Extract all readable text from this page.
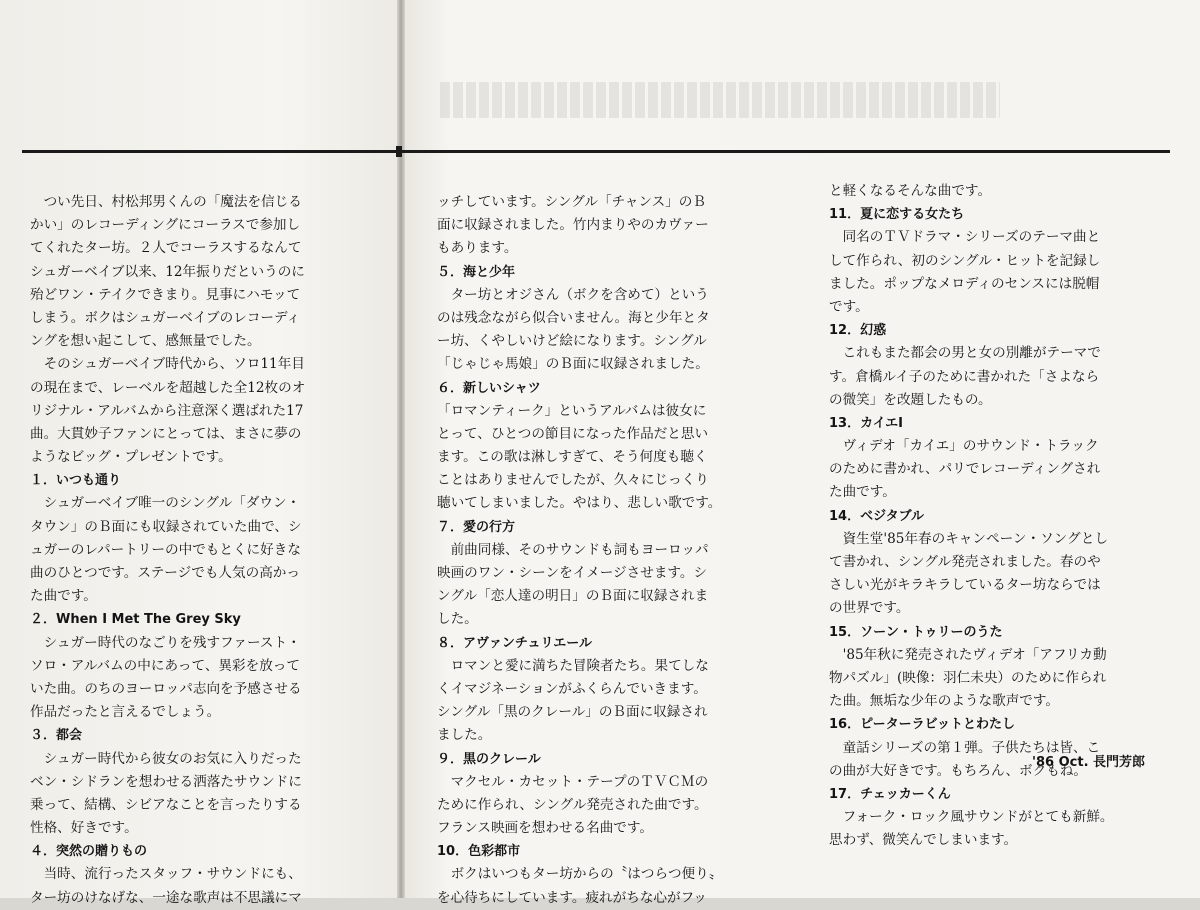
　つい先日、村松邦男くんの「魔法を信じる
かい」のレコーディングにコーラスで参加し
てくれたター坊。２人でコーラスするなんて
シュガーベイブ以来、12年振りだというのに
殆どワン・テイクできまり。見事にハモッて
しまう。ボクはシュガーベイブのレコーディ
ングを想い起こして、感無量でした。
　そのシュガーベイブ時代から、ソロ11年目
の現在まで、レーベルを超越した全12枚のオ
リジナル・アルバムから注意深く選ばれた17
曲。大貫妙子ファンにとっては、まさに夢の
ようなビッグ・プレゼントです。
１．いつも通り
　シュガーベイブ唯一のシングル「ダウン・
タウン」のＢ面にも収録されていた曲で、シ
ュガーのレパートリーの中でもとくに好きな
曲のひとつです。ステージでも人気の高かっ
た曲です。
２．When I Met The Grey Sky
　シュガー時代のなごりを残すファースト・
ソロ・アルバムの中にあって、異彩を放って
いた曲。のちのヨーロッパ志向を予感させる
作品だったと言えるでしょう。
３．都会
　シュガー時代から彼女のお気に入りだった
ベン・シドランを想わせる洒落たサウンドに
乗って、結構、シビアなことを言ったりする
性格、好きです。
４．突然の贈りもの
　当時、流行ったスタッフ・サウンドにも、
ター坊のけなげな、一途な歌声は不思議にマ
ッチしています。シングル「チャンス」のＢ
面に収録されました。竹内まりやのカヴァー
もあります。
５．海と少年
　ター坊とオジさん（ボクを含めて）という
のは残念ながら似合いません。海と少年とタ
ー坊、くやしいけど絵になります。シングル
「じゃじゃ馬娘」のＢ面に収録されました。
６．新しいシャツ
「ロマンティーク」というアルバムは彼女に
とって、ひとつの節目になった作品だと思い
ます。この歌は淋しすぎて、そう何度も聴く
ことはありませんでしたが、久々にじっくり
聴いてしまいました。やはり、悲しい歌です。
７．愛の行方
　前曲同様、そのサウンドも詞もヨーロッパ
映画のワン・シーンをイメージさせます。シ
ングル「恋人達の明日」のＢ面に収録されま
した。
８．アヴァンチュリエール
　ロマンと愛に満ちた冒険者たち。果てしな
くイマジネーションがふくらんでいきます。
シングル「黒のクレール」のＢ面に収録され
ました。
９．黒のクレール
　マクセル・カセット・テープのＴＶＣＭの
ために作られ、シングル発売された曲です。
フランス映画を想わせる名曲です。
10．色彩都市
　ボクはいつもター坊からの〝はつらつ便り〟
を心待ちにしています。疲れがちな心がフッ
と軽くなるそんな曲です。
11．夏に恋する女たち
　同名のＴＶドラマ・シリーズのテーマ曲と
して作られ、初のシングル・ヒットを記録し
ました。ポップなメロディのセンスには脱帽
です。
12．幻惑
　これもまた都会の男と女の別離がテーマで
す。倉橋ルイ子のために書かれた「さよなら
の微笑」を改題したもの。
13．カイエⅠ
　ヴィデオ「カイエ」のサウンド・トラック
のために書かれ、パリでレコーディングされ
た曲です。
14．ベジタブル
　資生堂'85年春のキャンペーン・ソングとし
て書かれ、シングル発売されました。春のや
さしい光がキラキラしているター坊ならでは
の世界です。
15．ソーン・トゥリーのうた
　'85年秋に発売されたヴィデオ「アフリカ動
物パズル」(映像：羽仁未央）のために作られ
た曲。無垢な少年のような歌声です。
16．ピーターラビットとわたし
　童話シリーズの第１弾。子供たちは皆、こ
の曲が大好きです。もちろん、ボクもね。
17．チェッカーくん
　フォーク・ロック風サウンドがとても新鮮。
思わず、微笑んでしまいます。
'86 Oct. 長門芳郎
